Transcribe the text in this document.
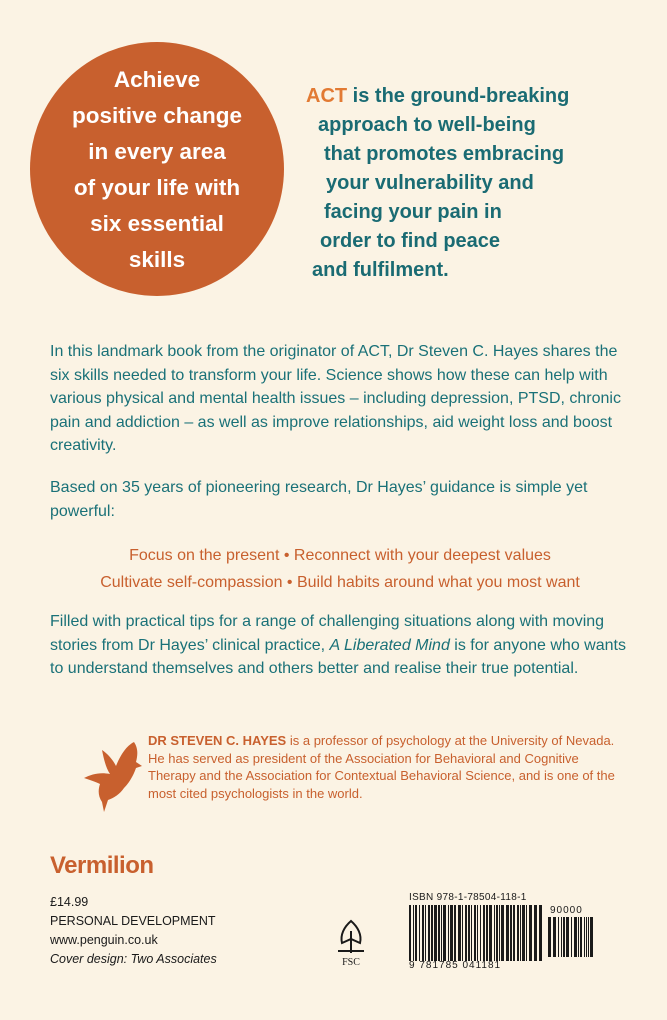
Achieve
positive change
in every area
of your life with
six essential
skills
ACT is the ground-breaking
approach to well-being
that promotes embracing
your vulnerability and
facing your pain in
order to find peace
and fulfilment.
In this landmark book from the originator of ACT, Dr Steven C. Hayes shares the six skills needed to transform your life. Science shows how these can help with various physical and mental health issues – including depression, PTSD, chronic pain and addiction – as well as improve relationships, aid weight loss and boost creativity.
Based on 35 years of pioneering research, Dr Hayes’ guidance is simple yet powerful:
Focus on the present • Reconnect with your deepest values
Cultivate self-compassion • Build habits around what you most want
Filled with practical tips for a range of challenging situations along with moving stories from Dr Hayes’ clinical practice, A Liberated Mind is for anyone who wants to understand themselves and others better and realise their true potential.
DR STEVEN C. HAYES is a professor of psychology at the University of Nevada. He has served as president of the Association for Behavioral and Cognitive Therapy and the Association for Contextual Behavioral Science, and is one of the most cited psychologists in the world.
Vermilion
£14.99
PERSONAL DEVELOPMENT
www.penguin.co.uk
Cover design: Two Associates	FSC
ISBN 978-1-78504-118-1
9 781785 041181
90000
